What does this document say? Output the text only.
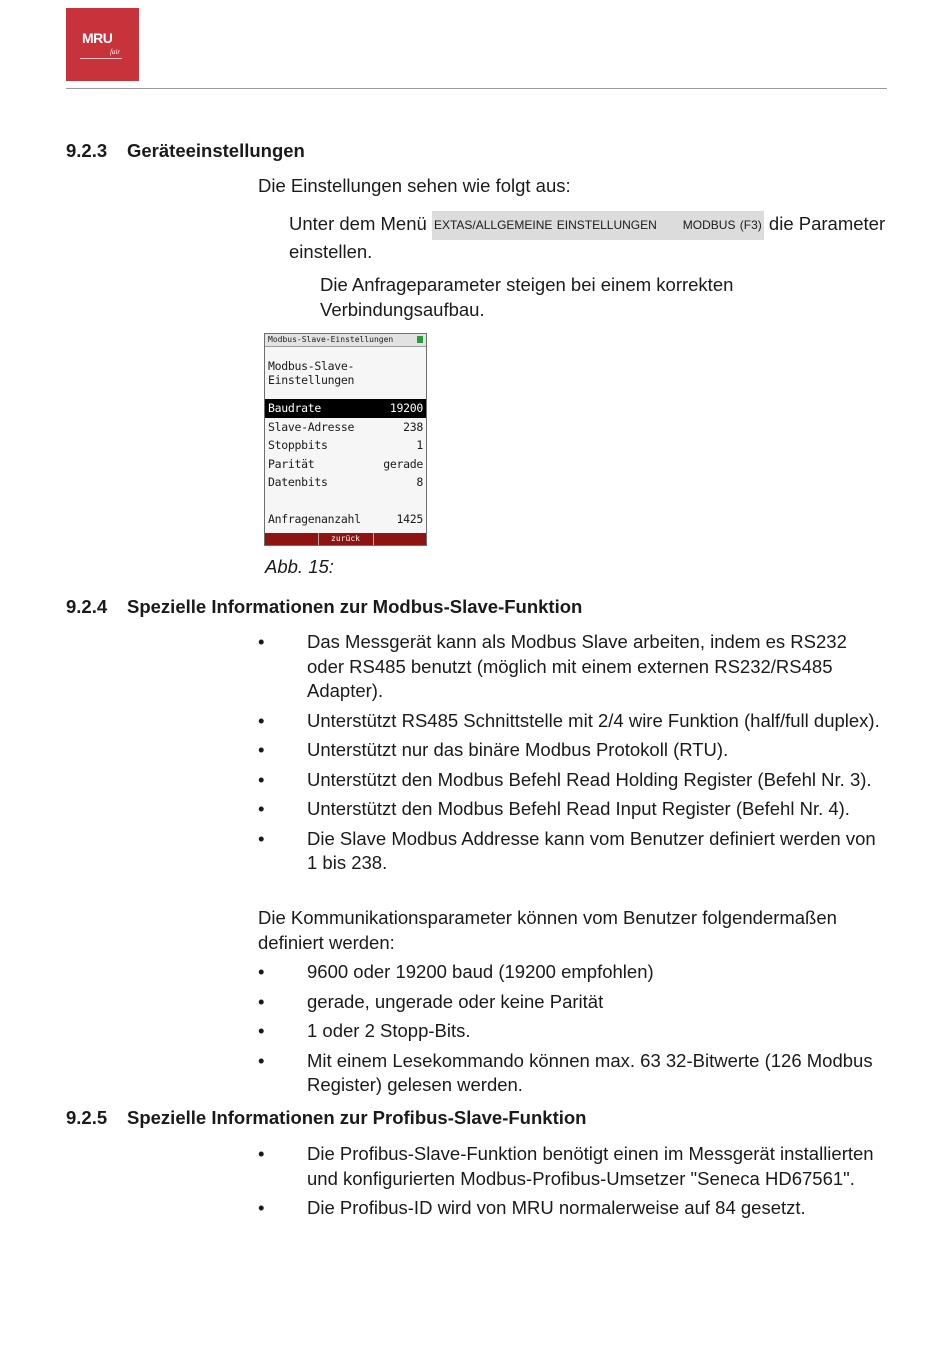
MRU
fair
9.2.3 Geräteeinstellungen
Die Einstellungen sehen wie folgt aus:
Unter dem Menü EXTAS/ALLGEMEINE EINSTELLUNGEN MODBUS (F3) die Parameter
einstellen.
Die Anfrageparameter steigen bei einem korrekten
Verbindungsaufbau.
Modbus-Slave-Einstellungen
Modbus-Slave-Einstellungen
Baudrate	19200
Slave-Adresse	238
Stoppbits	1
Parität	gerade
Datenbits	8
Anfragenanzahl	1425
zurück
Abb. 15:
9.2.4 Spezielle Informationen zur Modbus-Slave-Funktion
• Das Messgerät kann als Modbus Slave arbeiten, indem es RS232 oder RS485 benutzt (möglich mit einem externen RS232/RS485 Adapter).
• Unterstützt RS485 Schnittstelle mit 2/4 wire Funktion (half/full duplex).
• Unterstützt nur das binäre Modbus Protokoll (RTU).
• Unterstützt den Modbus Befehl Read Holding Register (Befehl Nr. 3).
• Unterstützt den Modbus Befehl Read Input Register (Befehl Nr. 4).
• Die Slave Modbus Addresse kann vom Benutzer definiert werden von 1 bis 238.
Die Kommunikationsparameter können vom Benutzer folgendermaßen definiert werden:
• 9600 oder 19200 baud (19200 empfohlen)
• gerade, ungerade oder keine Parität
• 1 oder 2 Stopp-Bits.
• Mit einem Lesekommando können max. 63 32-Bitwerte (126 Modbus Register) gelesen werden.
9.2.5 Spezielle Informationen zur Profibus-Slave-Funktion
• Die Profibus-Slave-Funktion benötigt einen im Messgerät installierten und konfigurierten Modbus-Profibus-Umsetzer "Seneca HD67561".
• Die Profibus-ID wird von MRU normalerweise auf 84 gesetzt.
